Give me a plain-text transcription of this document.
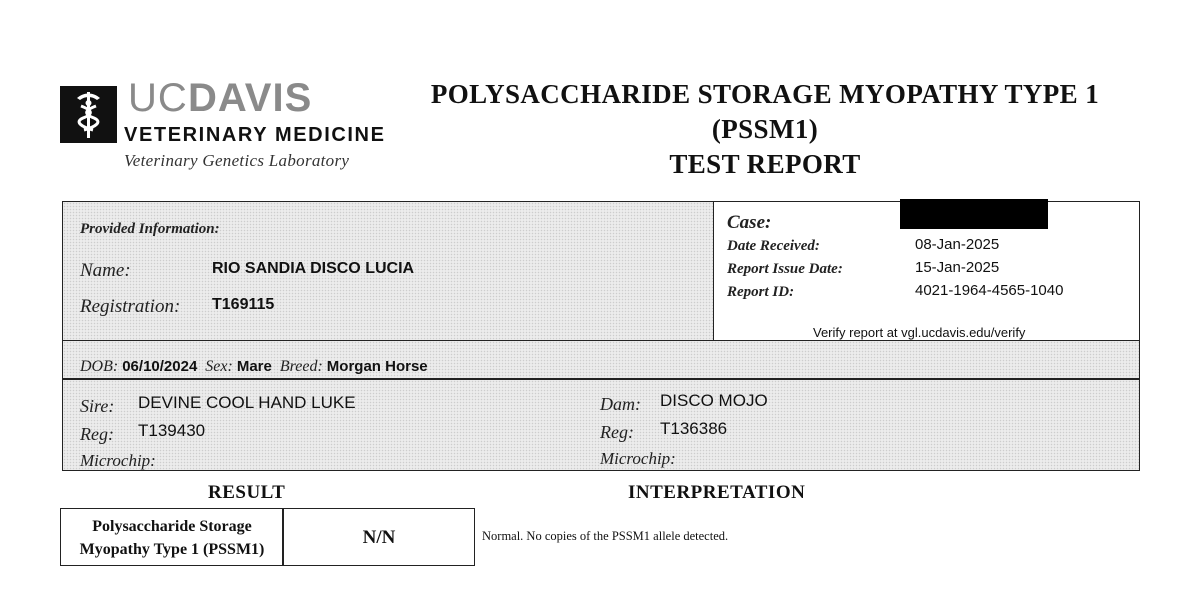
UC DAVIS
VETERINARY MEDICINE
Veterinary Genetics Laboratory
POLYSACCHARIDE STORAGE MYOPATHY TYPE 1
(PSSM1)
TEST REPORT
Provided Information:
Name:	RIO SANDIA DISCO LUCIA
Registration: T169115
Case:
Date Received:	08-Jan-2025
Report Issue Date:	15-Jan-2025
Report ID:	4021-1964-4565-1040
Verify report at vgl.ucdavis.edu/verify
DOB: 06/10/2024 Sex: Mare Breed: Morgan Horse
Sire: DEVINE COOL HAND LUKE
Reg: T139430
Microchip:
Dam: DISCO MOJO
Reg: T136386
Microchip:
RESULT	INTERPRETATION
Polysaccharide Storage
Myopathy Type 1 (PSSM1)
N/N	Normal. No copies of the PSSM1 allele detected.
